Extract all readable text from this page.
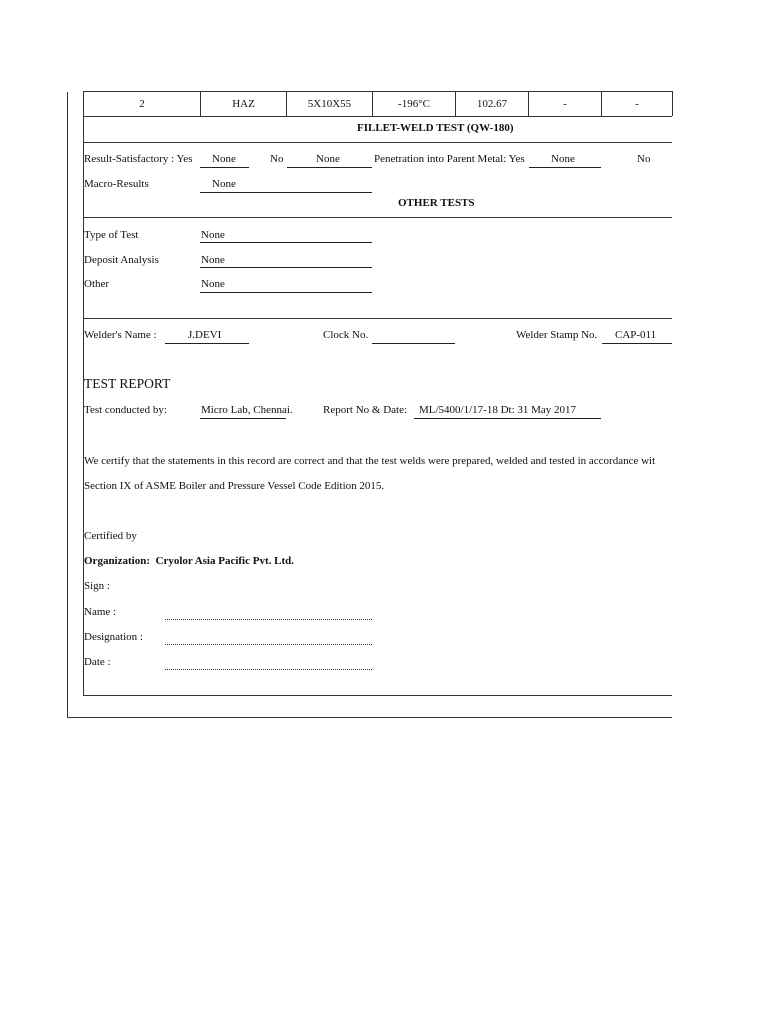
2	HAZ	5X10X55	-196°C	102.67	-	-
FILLET-WELD TEST (QW-180)
Result-Satisfactory : Yes None	No	None	Penetration into Parent Metal: Yes None	No
Macro-Results	None
OTHER TESTS
Type of Test	None
Deposit Analysis	None
Other	None
Welder's Name :	J.DEVI	Clock No.	Welder Stamp No. CAP-011
TEST REPORT
Test conducted by:	Micro Lab, Chennai.	Report No & Date: ML/5400/1/17-18 Dt: 31 May 2017
We certify that the statements in this record are correct and that the test welds were prepared, welded and tested in accordance wit
Section IX of ASME Boiler and Pressure Vessel Code Edition 2015.
Certified by
Organization: Cryolor Asia Pacific Pvt. Ltd.
Sign :
Name :
Designation :
Date :
